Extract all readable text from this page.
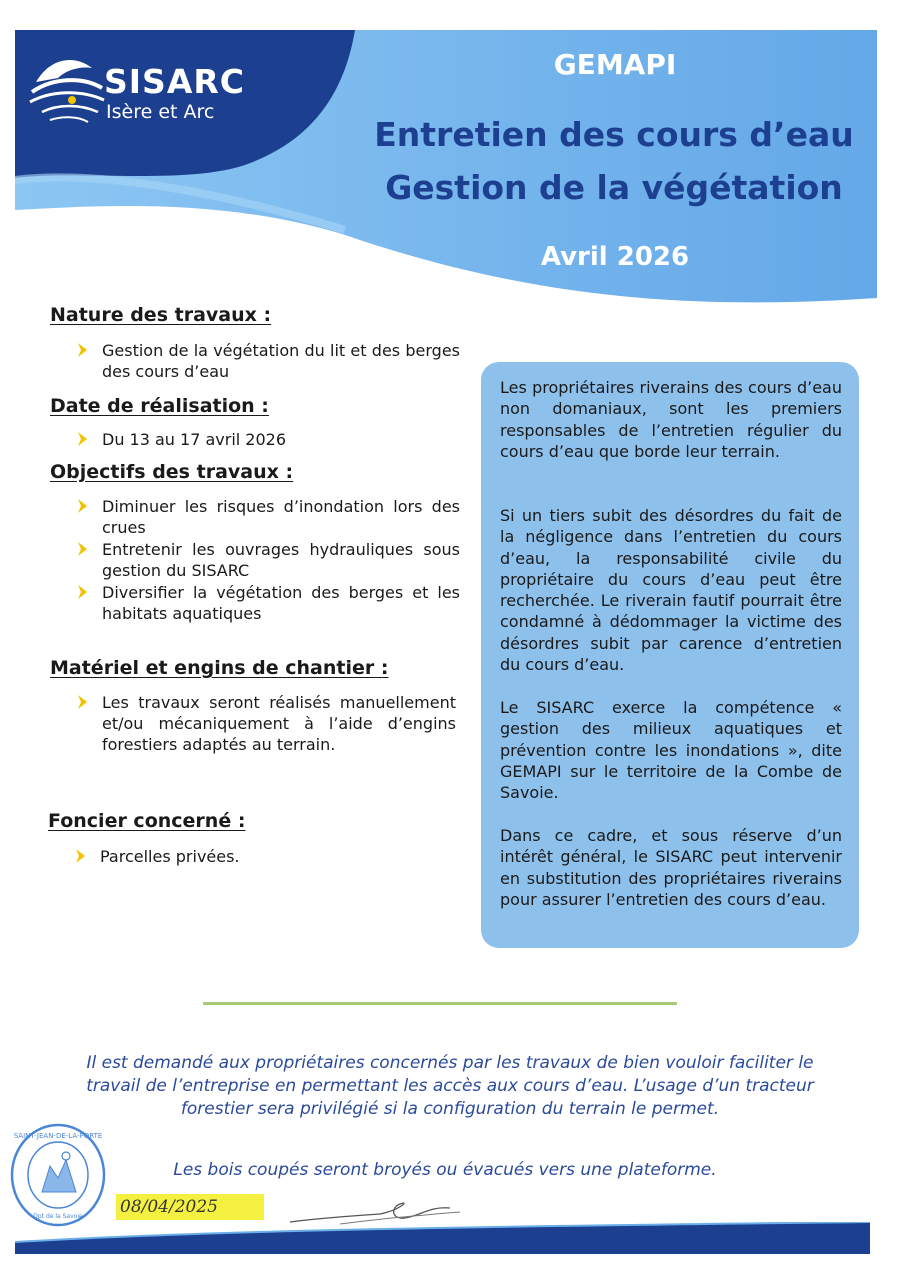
SISARC
Isère et Arc
GEMAPI
Entretien des cours d’eau
Gestion de la végétation
Avril 2026
Nature des travaux :
Gestion de la végétation du lit et des berges des cours d’eau
Date de réalisation :
Du 13 au 17 avril 2026
Objectifs des travaux :
Diminuer les risques d’inondation lors des crues
Entretenir les ouvrages hydrauliques sous gestion du SISARC
Diversifier la végétation des berges et les habitats aquatiques
Matériel et engins de chantier :
Les travaux seront réalisés manuellement et/ou mécaniquement à l’aide d’engins forestiers adaptés au terrain.
Foncier concerné :
Parcelles privées.
Les propriétaires riverains des cours d’eau non domaniaux, sont les premiers responsables de l’entretien régulier du cours d’eau que borde leur terrain.
Si un tiers subit des désordres du fait de la négligence dans l’entretien du cours d’eau, la responsabilité civile du propriétaire du cours d’eau peut être recherchée. Le riverain fautif pourrait être condamné à dédommager la victime des désordres subit par carence d’entretien du cours d’eau.
Le SISARC exerce la compétence « gestion des milieux aquatiques et prévention contre les inondations », dite GEMAPI sur le territoire de la Combe de Savoie.
Dans ce cadre, et sous réserve d’un intérêt général, le SISARC peut intervenir en substitution des propriétaires riverains pour assurer l’entretien des cours d’eau.
Il est demandé aux propriétaires concernés par les travaux de bien vouloir faciliter le travail de l’entreprise en permettant les accès aux cours d’eau. L’usage d’un tracteur forestier sera privilégié si la configuration du terrain le permet.
Les bois coupés seront broyés ou évacués vers une plateforme.
SAINT-JEAN-DE-LA-PORTE
Dpt de la Savoie 08/04/2025
